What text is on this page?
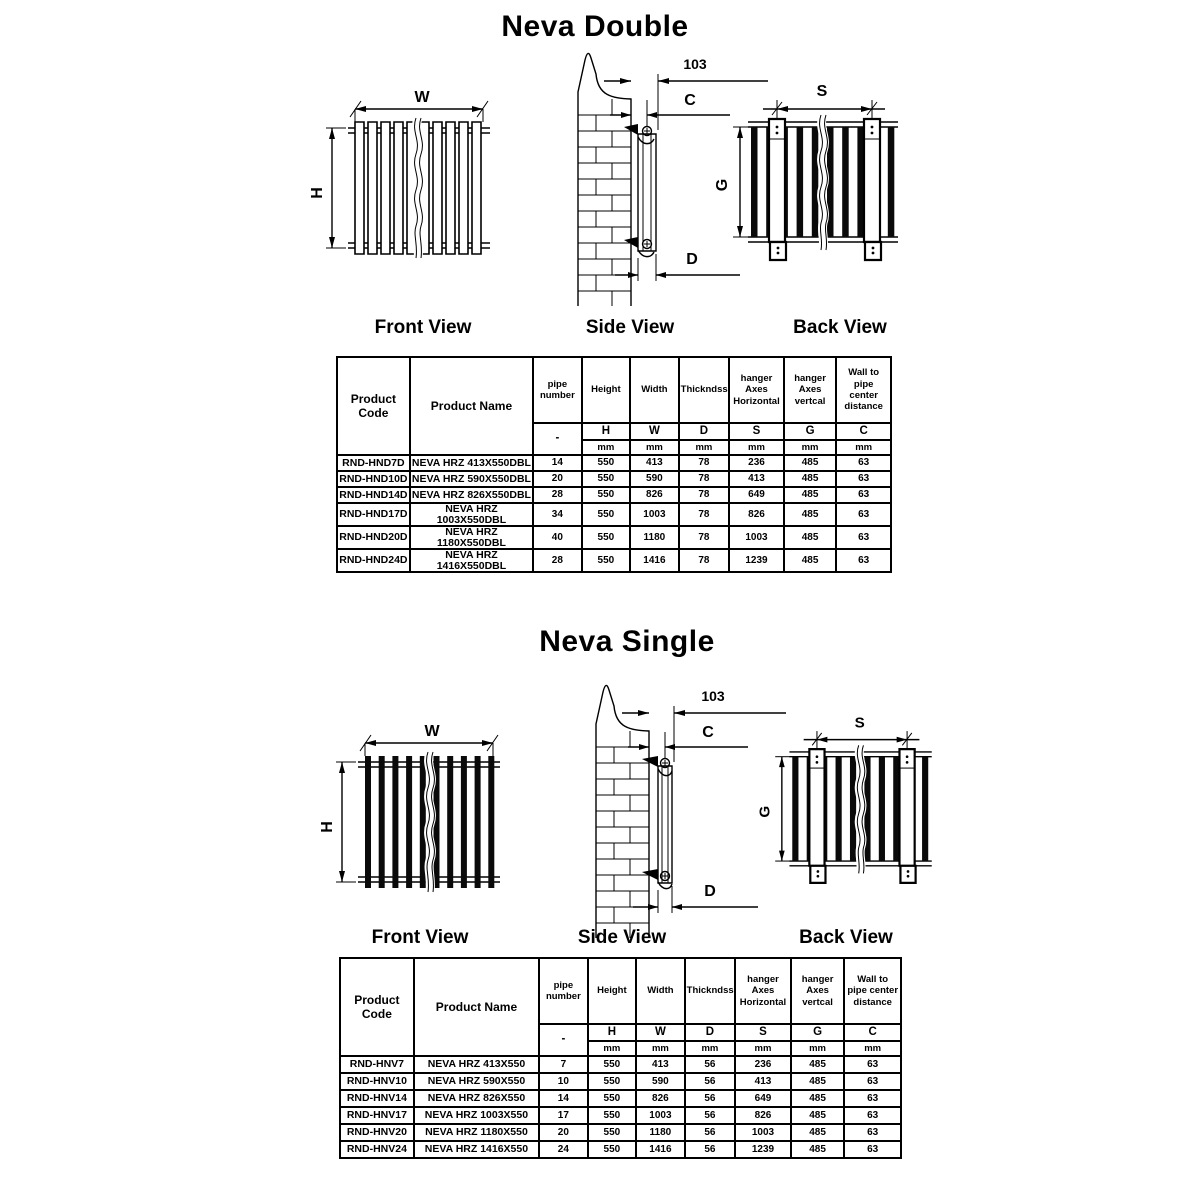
Neva Double
W
H
103
C
D
S
G
Front View	Side View	Back View
Product Code	Product Name	pipe number	Height	Width	Thickndss	hanger Axes Horizontal	hanger Axes vertcal	Wall to pipe center distance
		-	H	W	D	S	G	C
			mm	mm	mm	mm	mm	mm
RND-HND7D	NEVA HRZ 413X550DBL	14	550	413	78	236	485	63
RND-HND10D	NEVA HRZ 590X550DBL	20	550	590	78	413	485	63
RND-HND14D	NEVA HRZ 826X550DBL	28	550	826	78	649	485	63
RND-HND17D	NEVA HRZ 1003X550DBL	34	550	1003	78	826	485	63
RND-HND20D	NEVA HRZ 1180X550DBL	40	550	1180	78	1003	485	63
RND-HND24D	NEVA HRZ 1416X550DBL	28	550	1416	78	1239	485	63
Neva Single
W
H
103
C
D
S
G
Front View	Side View	Back View
Product Code	Product Name	pipe number	Height	Width	Thickndss	hanger Axes Horizontal	hanger Axes vertcal	Wall to pipe center distance
		-	H	W	D	S	G	C
			mm	mm	mm	mm	mm	mm
RND-HNV7	NEVA HRZ 413X550	7	550	413	56	236	485	63
RND-HNV10	NEVA HRZ 590X550	10	550	590	56	413	485	63
RND-HNV14	NEVA HRZ 826X550	14	550	826	56	649	485	63
RND-HNV17	NEVA HRZ 1003X550	17	550	1003	56	826	485	63
RND-HNV20	NEVA HRZ 1180X550	20	550	1180	56	1003	485	63
RND-HNV24	NEVA HRZ 1416X550	24	550	1416	56	1239	485	63
